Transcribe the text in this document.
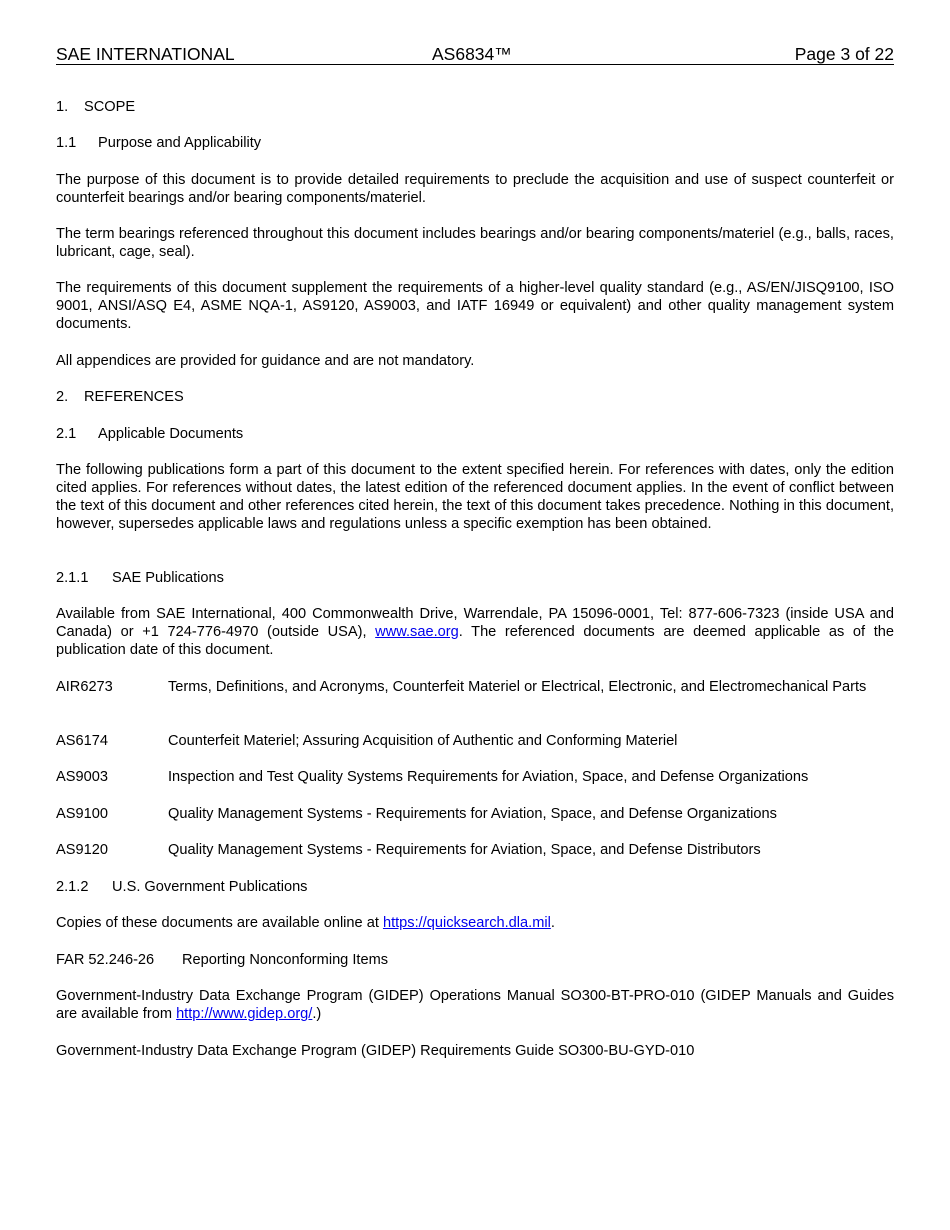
SAE INTERNATIONAL	AS6834™	Page 3 of 22
1. SCOPE
1.1 Purpose and Applicability
The purpose of this document is to provide detailed requirements to preclude the acquisition and use of suspect counterfeit or counterfeit bearings and/or bearing components/materiel.
The term bearings referenced throughout this document includes bearings and/or bearing components/materiel (e.g., balls, races, lubricant, cage, seal).
The requirements of this document supplement the requirements of a higher-level quality standard (e.g., AS/EN/JISQ9100, ISO 9001, ANSI/ASQ E4, ASME NQA-1, AS9120, AS9003, and IATF 16949 or equivalent) and other quality management system documents.
All appendices are provided for guidance and are not mandatory.
2. REFERENCES
2.1 Applicable Documents
The following publications form a part of this document to the extent specified herein. For references with dates, only the edition cited applies. For references without dates, the latest edition of the referenced document applies. In the event of conflict between the text of this document and other references cited herein, the text of this document takes precedence. Nothing in this document, however, supersedes applicable laws and regulations unless a specific exemption has been obtained.
2.1.1 SAE Publications
Available from SAE International, 400 Commonwealth Drive, Warrendale, PA 15096-0001, Tel: 877-606-7323 (inside USA and Canada) or +1 724-776-4970 (outside USA), www.sae.org. The referenced documents are deemed applicable as of the publication date of this document.
AIR6273	Terms, Definitions, and Acronyms, Counterfeit Materiel or Electrical, Electronic, and Electromechanical Parts
AS6174	Counterfeit Materiel; Assuring Acquisition of Authentic and Conforming Materiel
AS9003	Inspection and Test Quality Systems Requirements for Aviation, Space, and Defense Organizations
AS9100	Quality Management Systems - Requirements for Aviation, Space, and Defense Organizations
AS9120	Quality Management Systems - Requirements for Aviation, Space, and Defense Distributors
2.1.2 U.S. Government Publications
Copies of these documents are available online at https://quicksearch.dla.mil.
FAR 52.246-26 Reporting Nonconforming Items
Government-Industry Data Exchange Program (GIDEP) Operations Manual SO300-BT-PRO-010 (GIDEP Manuals and Guides are available from http://www.gidep.org/.)
Government-Industry Data Exchange Program (GIDEP) Requirements Guide SO300-BU-GYD-010
